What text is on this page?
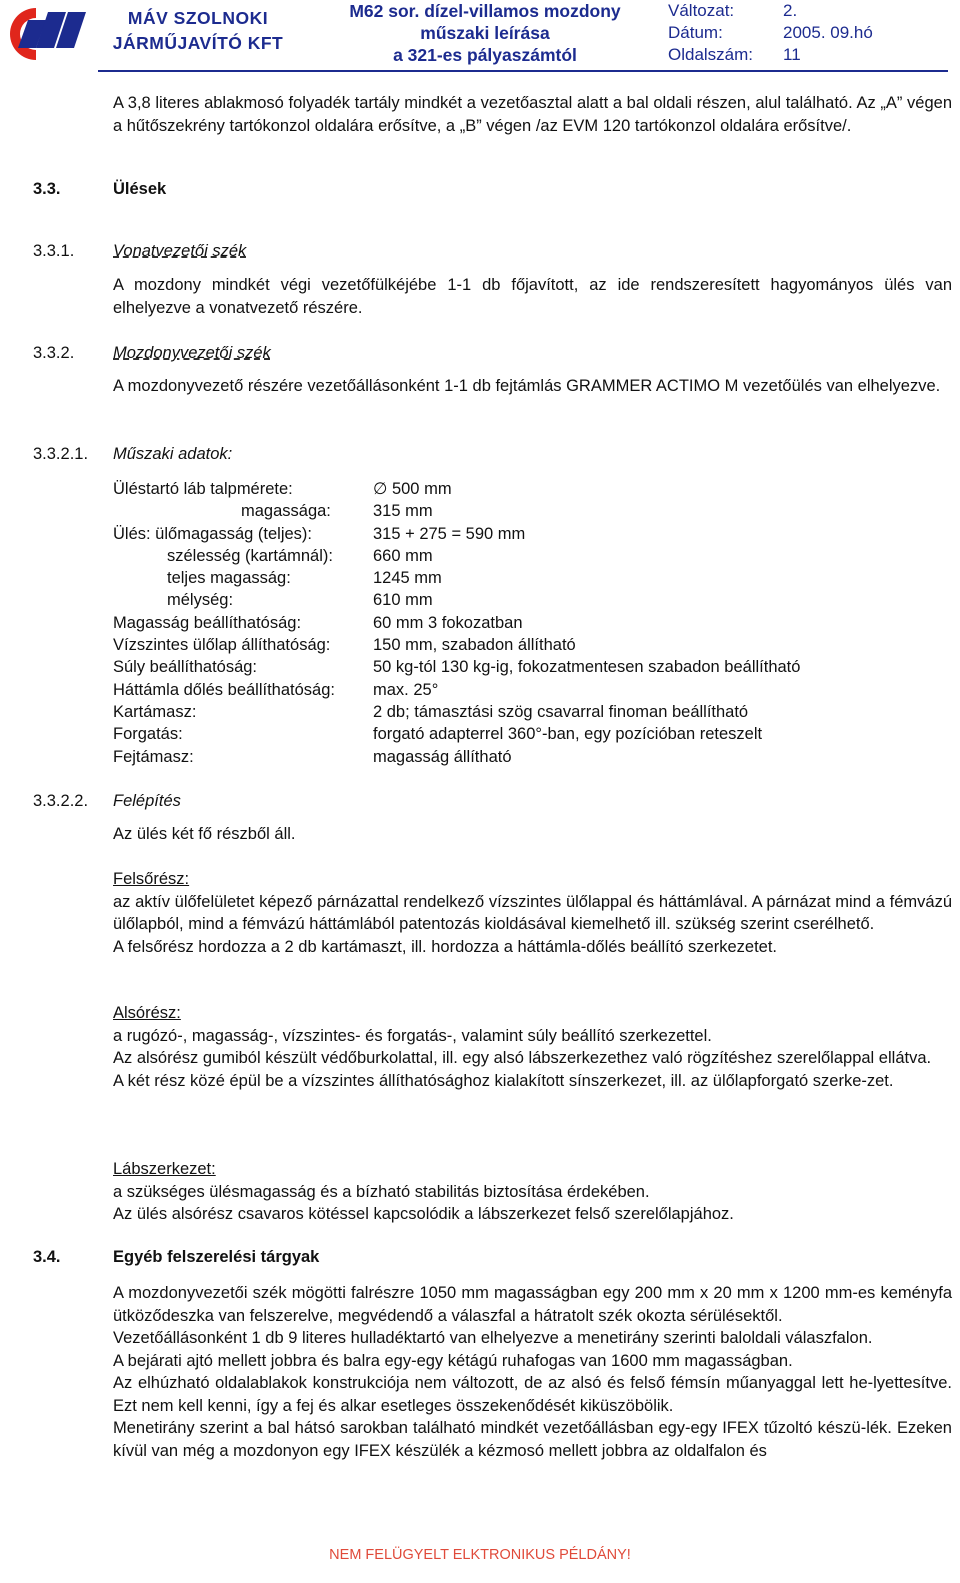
MÁV SZOLNOKI
JÁRMŰJAVÍTÓ KFT
M62 sor. dízel-villamos mozdony
műszaki leírása
a 321-es pályaszámtól
Változat:	2.
Dátum:	2005. 09.hó
Oldalszám:	11
A 3,8 literes ablakmosó folyadék tartály mindkét a vezetőasztal alatt a bal oldali részen, alul található. Az „A” végen a hűtőszekrény tartókonzol oldalára erősítve, a „B” végen /az EVM 120 tartókonzol oldalára erősítve/.
3.3.	Ülések
3.3.1. Vonatvezetői szék
A mozdony mindkét végi vezetőfülkéjébe 1-1 db főjavított, az ide rendszeresített hagyományos ülés van elhelyezve a vonatvezető részére.
3.3.2. Mozdonyvezetői szék
A mozdonyvezető részére vezetőállásonként 1-1 db fejtámlás GRAMMER ACTIMO M vezetőülés van elhelyezve.
3.3.2.1. Műszaki adatok:
Üléstartó láb talpmérete:	∅ 500 mm
magassága:	315 mm
Ülés: ülőmagasság (teljes):	315 + 275 = 590 mm
szélesség (kartámnál):	660 mm
teljes magasság:	1245 mm
mélység:	610 mm
Magasság beállíthatóság:	60 mm 3 fokozatban
Vízszintes ülőlap állíthatóság:	150 mm, szabadon állítható
Súly beállíthatóság:	50 kg-tól 130 kg-ig, fokozatmentesen szabadon beállítható
Háttámla dőlés beállíthatóság:	max. 25°
Kartámasz:	2 db; támasztási szög csavarral finoman beállítható
Forgatás:	forgató adapterrel 360°-ban, egy pozícióban reteszelt
Fejtámasz:	magasság állítható
3.3.2.2. Felépítés
Az ülés két fő részből áll.
Felsőrész:
az aktív ülőfelületet képező párnázattal rendelkező vízszintes ülőlappal és háttámlával. A párnázat mind a fémvázú ülőlapból, mind a fémvázú háttámlából patentozás kioldásával kiemelhető ill. szükség szerint cserélhető.
A felsőrész hordozza a 2 db kartámaszt, ill. hordozza a háttámla-dőlés beállító szerkezetet.
Alsórész:
a rugózó-, magasság-, vízszintes- és forgatás-, valamint súly beállító szerkezettel.
Az alsórész gumiból készült védőburkolattal, ill. egy alsó lábszerkezethez való rögzítéshez szerelőlappal ellátva.
A két rész közé épül be a vízszintes állíthatósághoz kialakított sínszerkezet, ill. az ülőlapforgató szerke-zet.
Lábszerkezet:
a szükséges ülésmagasság és a bízható stabilitás biztosítása érdekében.
Az ülés alsórész csavaros kötéssel kapcsolódik a lábszerkezet felső szerelőlapjához.
3.4.	Egyéb felszerelési tárgyak
A mozdonyvezetői szék mögötti falrészre 1050 mm magasságban egy 200 mm x 20 mm x 1200 mm-es keményfa ütköződeszka van felszerelve, megvédendő a válaszfal a hátratolt szék okozta sérülésektől.
Vezetőállásonként 1 db 9 literes hulladéktartó van elhelyezve a menetirány szerinti baloldali válaszfalon.
A bejárati ajtó mellett jobbra és balra egy-egy kétágú ruhafogas van 1600 mm magasságban.
Az elhúzható oldalablakok konstrukciója nem változott, de az alsó és felső fémsín műanyaggal lett he-lyettesítve. Ezt nem kell kenni, így a fej és alkar esetleges összekenődését kiküszöbölik.
Menetirány szerint a bal hátsó sarokban található mindkét vezetőállásban egy-egy IFEX tűzoltó készü-lék. Ezeken kívül van még a mozdonyon egy IFEX készülék a kézmosó mellett jobbra az oldalfalon és
NEM FELÜGYELT ELKTRONIKUS PÉLDÁNY!
